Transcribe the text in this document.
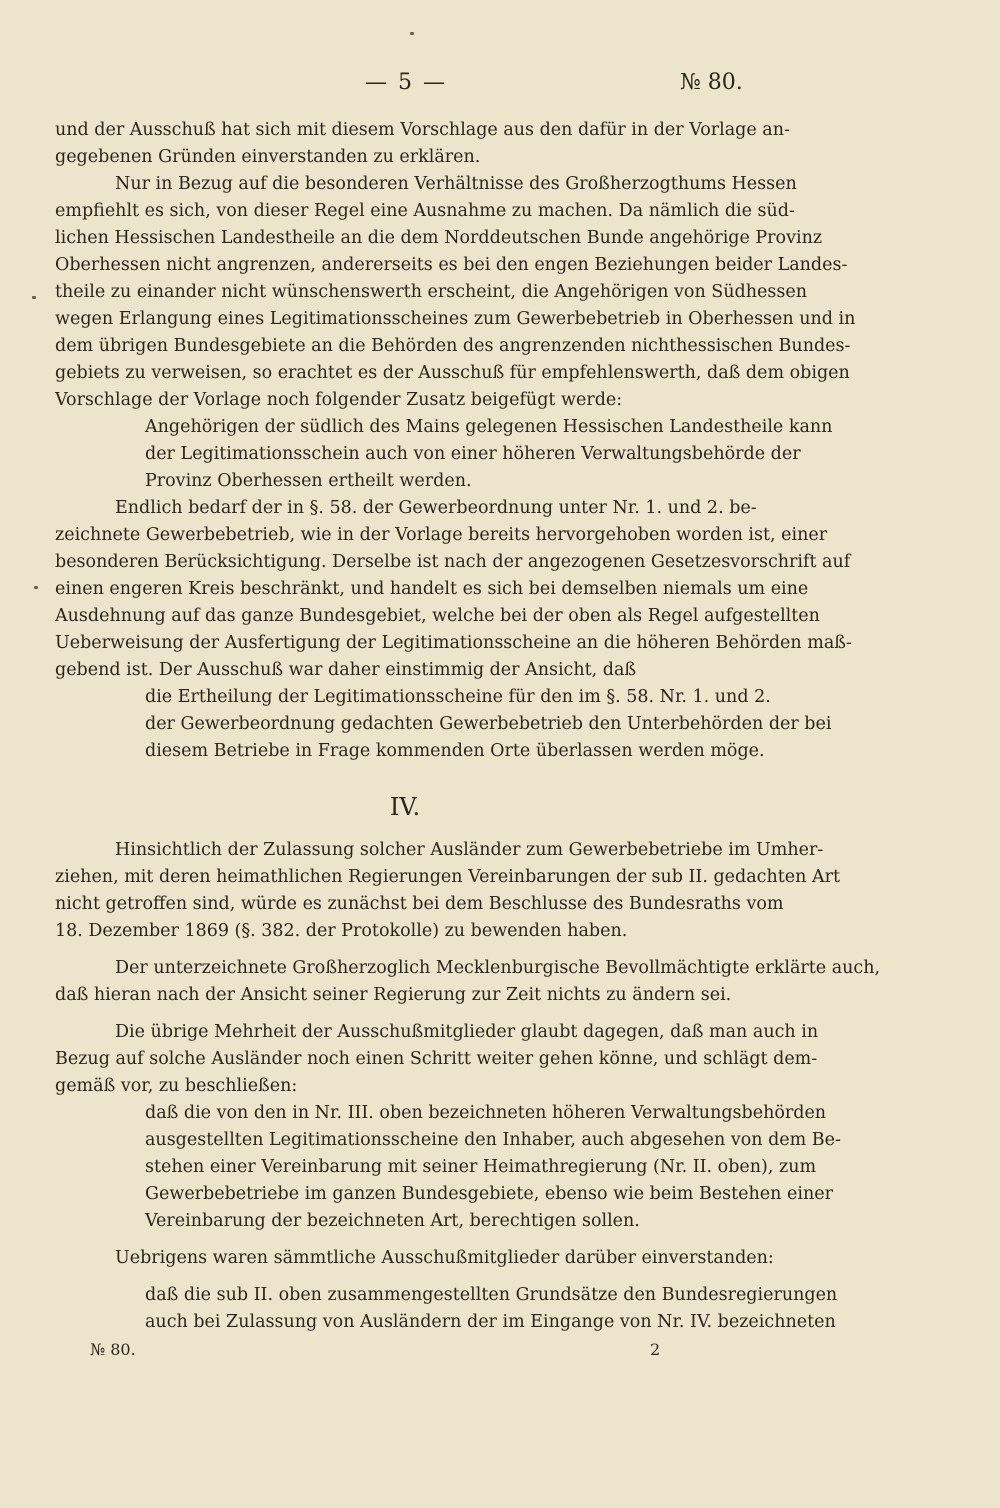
— 5 —	№ 80.
und der Ausschuß hat sich mit diesem Vorschlage aus den dafür in der Vorlage an-
gegebenen Gründen einverstanden zu erklären.
Nur in Bezug auf die besonderen Verhältnisse des Großherzogthums Hessen
empfiehlt es sich, von dieser Regel eine Ausnahme zu machen. Da nämlich die süd-
lichen Hessischen Landestheile an die dem Norddeutschen Bunde angehörige Provinz
Oberhessen nicht angrenzen, andererseits es bei den engen Beziehungen beider Landes-
theile zu einander nicht wünschenswerth erscheint, die Angehörigen von Südhessen
wegen Erlangung eines Legitimationsscheines zum Gewerbebetrieb in Oberhessen und in
dem übrigen Bundesgebiete an die Behörden des angrenzenden nichthessischen Bundes-
gebiets zu verweisen, so erachtet es der Ausschuß für empfehlenswerth, daß dem obigen
Vorschlage der Vorlage noch folgender Zusatz beigefügt werde:
Angehörigen der südlich des Mains gelegenen Hessischen Landestheile kann
der Legitimationsschein auch von einer höheren Verwaltungsbehörde der
Provinz Oberhessen ertheilt werden.
Endlich bedarf der in §. 58. der Gewerbeordnung unter Nr. 1. und 2. be-
zeichnete Gewerbebetrieb, wie in der Vorlage bereits hervorgehoben worden ist, einer
besonderen Berücksichtigung. Derselbe ist nach der angezogenen Gesetzesvorschrift auf
einen engeren Kreis beschränkt, und handelt es sich bei demselben niemals um eine
Ausdehnung auf das ganze Bundesgebiet, welche bei der oben als Regel aufgestellten
Ueberweisung der Ausfertigung der Legitimationsscheine an die höheren Behörden maß-
gebend ist. Der Ausschuß war daher einstimmig der Ansicht, daß
die Ertheilung der Legitimationsscheine für den im §. 58. Nr. 1. und 2.
der Gewerbeordnung gedachten Gewerbebetrieb den Unterbehörden der bei
diesem Betriebe in Frage kommenden Orte überlassen werden möge.
IV.
Hinsichtlich der Zulassung solcher Ausländer zum Gewerbebetriebe im Umher-
ziehen, mit deren heimathlichen Regierungen Vereinbarungen der sub II. gedachten Art
nicht getroffen sind, würde es zunächst bei dem Beschlusse des Bundesraths vom
18. Dezember 1869 (§. 382. der Protokolle) zu bewenden haben.
Der unterzeichnete Großherzoglich Mecklenburgische Bevollmächtigte erklärte auch,
daß hieran nach der Ansicht seiner Regierung zur Zeit nichts zu ändern sei.
Die übrige Mehrheit der Ausschußmitglieder glaubt dagegen, daß man auch in
Bezug auf solche Ausländer noch einen Schritt weiter gehen könne, und schlägt dem-
gemäß vor, zu beschließen:
daß die von den in Nr. III. oben bezeichneten höheren Verwaltungsbehörden
ausgestellten Legitimationsscheine den Inhaber, auch abgesehen von dem Be-
stehen einer Vereinbarung mit seiner Heimathregierung (Nr. II. oben), zum
Gewerbebetriebe im ganzen Bundesgebiete, ebenso wie beim Bestehen einer
Vereinbarung der bezeichneten Art, berechtigen sollen.
Uebrigens waren sämmtliche Ausschußmitglieder darüber einverstanden:
daß die sub II. oben zusammengestellten Grundsätze den Bundesregierungen
auch bei Zulassung von Ausländern der im Eingange von Nr. IV. bezeichneten
№ 80.	2
